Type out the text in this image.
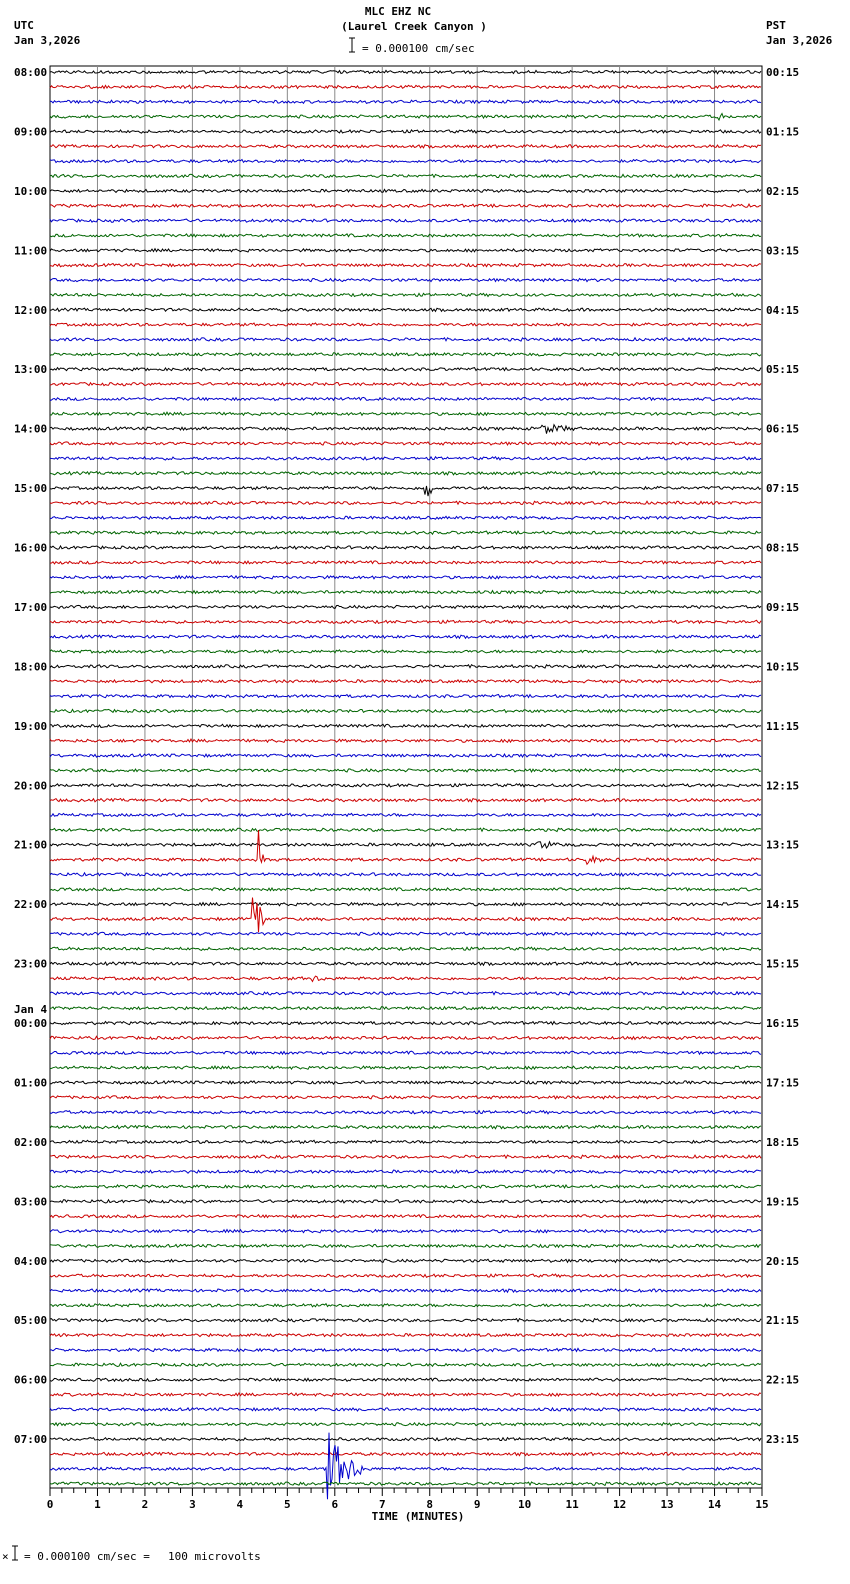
MLC EHZ NC
(Laurel Creek Canyon )
= 0.000100 cm/sec
UTC
Jan 3,2026
PST
Jan 3,2026
08:00
09:00
10:00
11:00
12:00
13:00
14:00
15:00
16:00
17:00
18:00
19:00
20:00
21:00
22:00
23:00
00:00
01:00
02:00
03:00
04:00
05:00
06:00
07:00
Jan 4
00:15
01:15
02:15
03:15
04:15
05:15
06:15
07:15
08:15
09:15
10:15
11:15
12:15
13:15
14:15
15:15
16:15
17:15
18:15
19:15
20:15
21:15
22:15
23:15
0	1	2	3	4	5	6	7	8	9	10	11	12	13	14	15
TIME (MINUTES)
× = 0.000100 cm/sec = 100 microvolts
